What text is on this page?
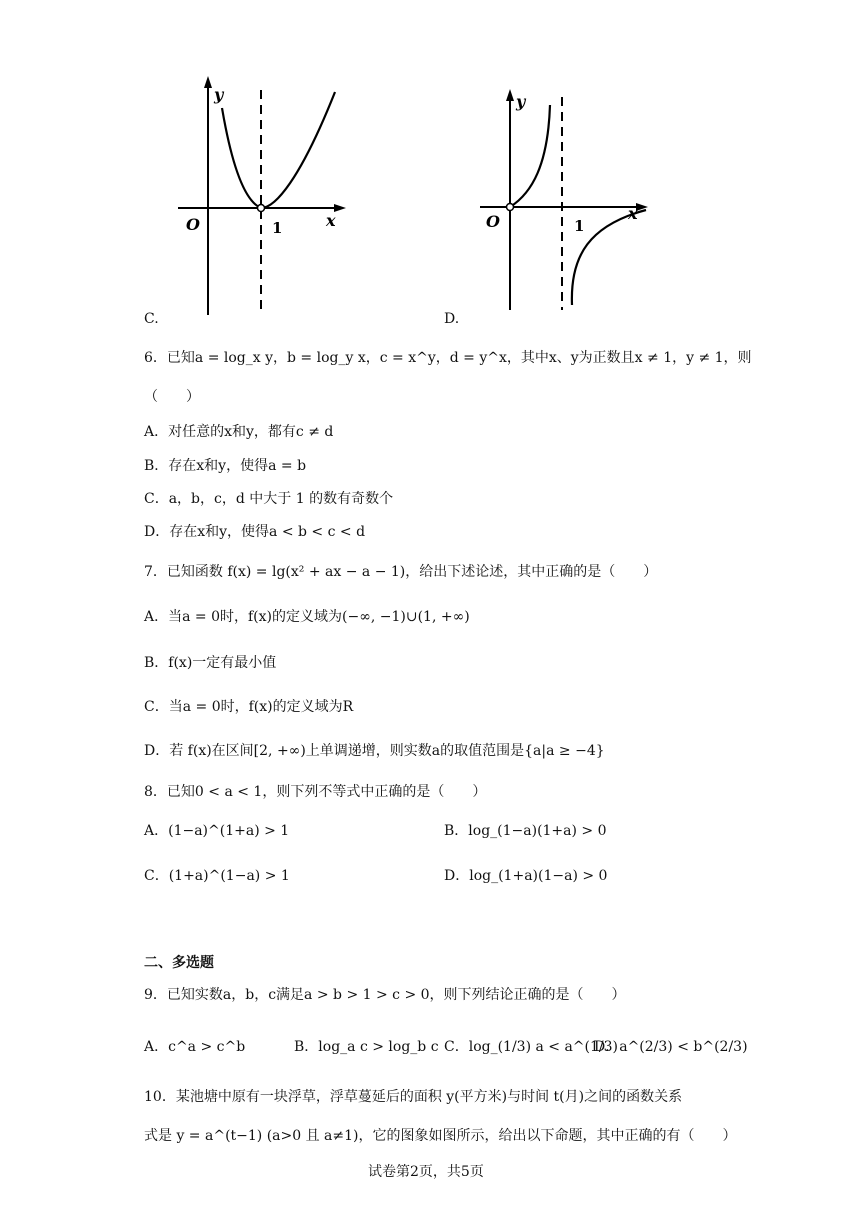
y
O	1	x
C.
y
O	1
x
D.
6．已知a = log_x y，b = log_y x，c = x^y，d = y^x，其中x、y为正数且x ≠ 1，y ≠ 1，则
（　　）
A．对任意的x和y，都有c ≠ d
B．存在x和y，使得a = b
C．a，b，c，d 中大于 1 的数有奇数个
D．存在x和y，使得a < b < c < d
7．已知函数 f(x) = lg(x² + ax − a − 1)，给出下述论述，其中正确的是（　　）
A．当a = 0时，f(x)的定义域为(−∞, −1)∪(1, +∞)
B．f(x)一定有最小值
C．当a = 0时，f(x)的定义域为R
D．若 f(x)在区间[2, +∞)上单调递增，则实数a的取值范围是{a|a ≥ −4}
8．已知0 < a < 1，则下列不等式中正确的是（　　）
A．(1−a)^(1+a) > 1	B．log_(1−a)(1+a) > 0
C．(1+a)^(1−a) > 1	D．log_(1+a)(1−a) > 0
二、多选题
9．已知实数a，b，c满足a > b > 1 > c > 0，则下列结论正确的是（　　）
A．c^a > c^b	B．log_a c > log_b c C．log_(1/3) a < a^(1/3)
D．a^(2/3) < b^(2/3)
10．某池塘中原有一块浮草，浮草蔓延后的面积 y(平方米)与时间 t(月)之间的函数关系
式是 y = a^(t−1) (a>0 且 a≠1)，它的图象如图所示，给出以下命题，其中正确的有（　　）
试卷第2页，共5页
